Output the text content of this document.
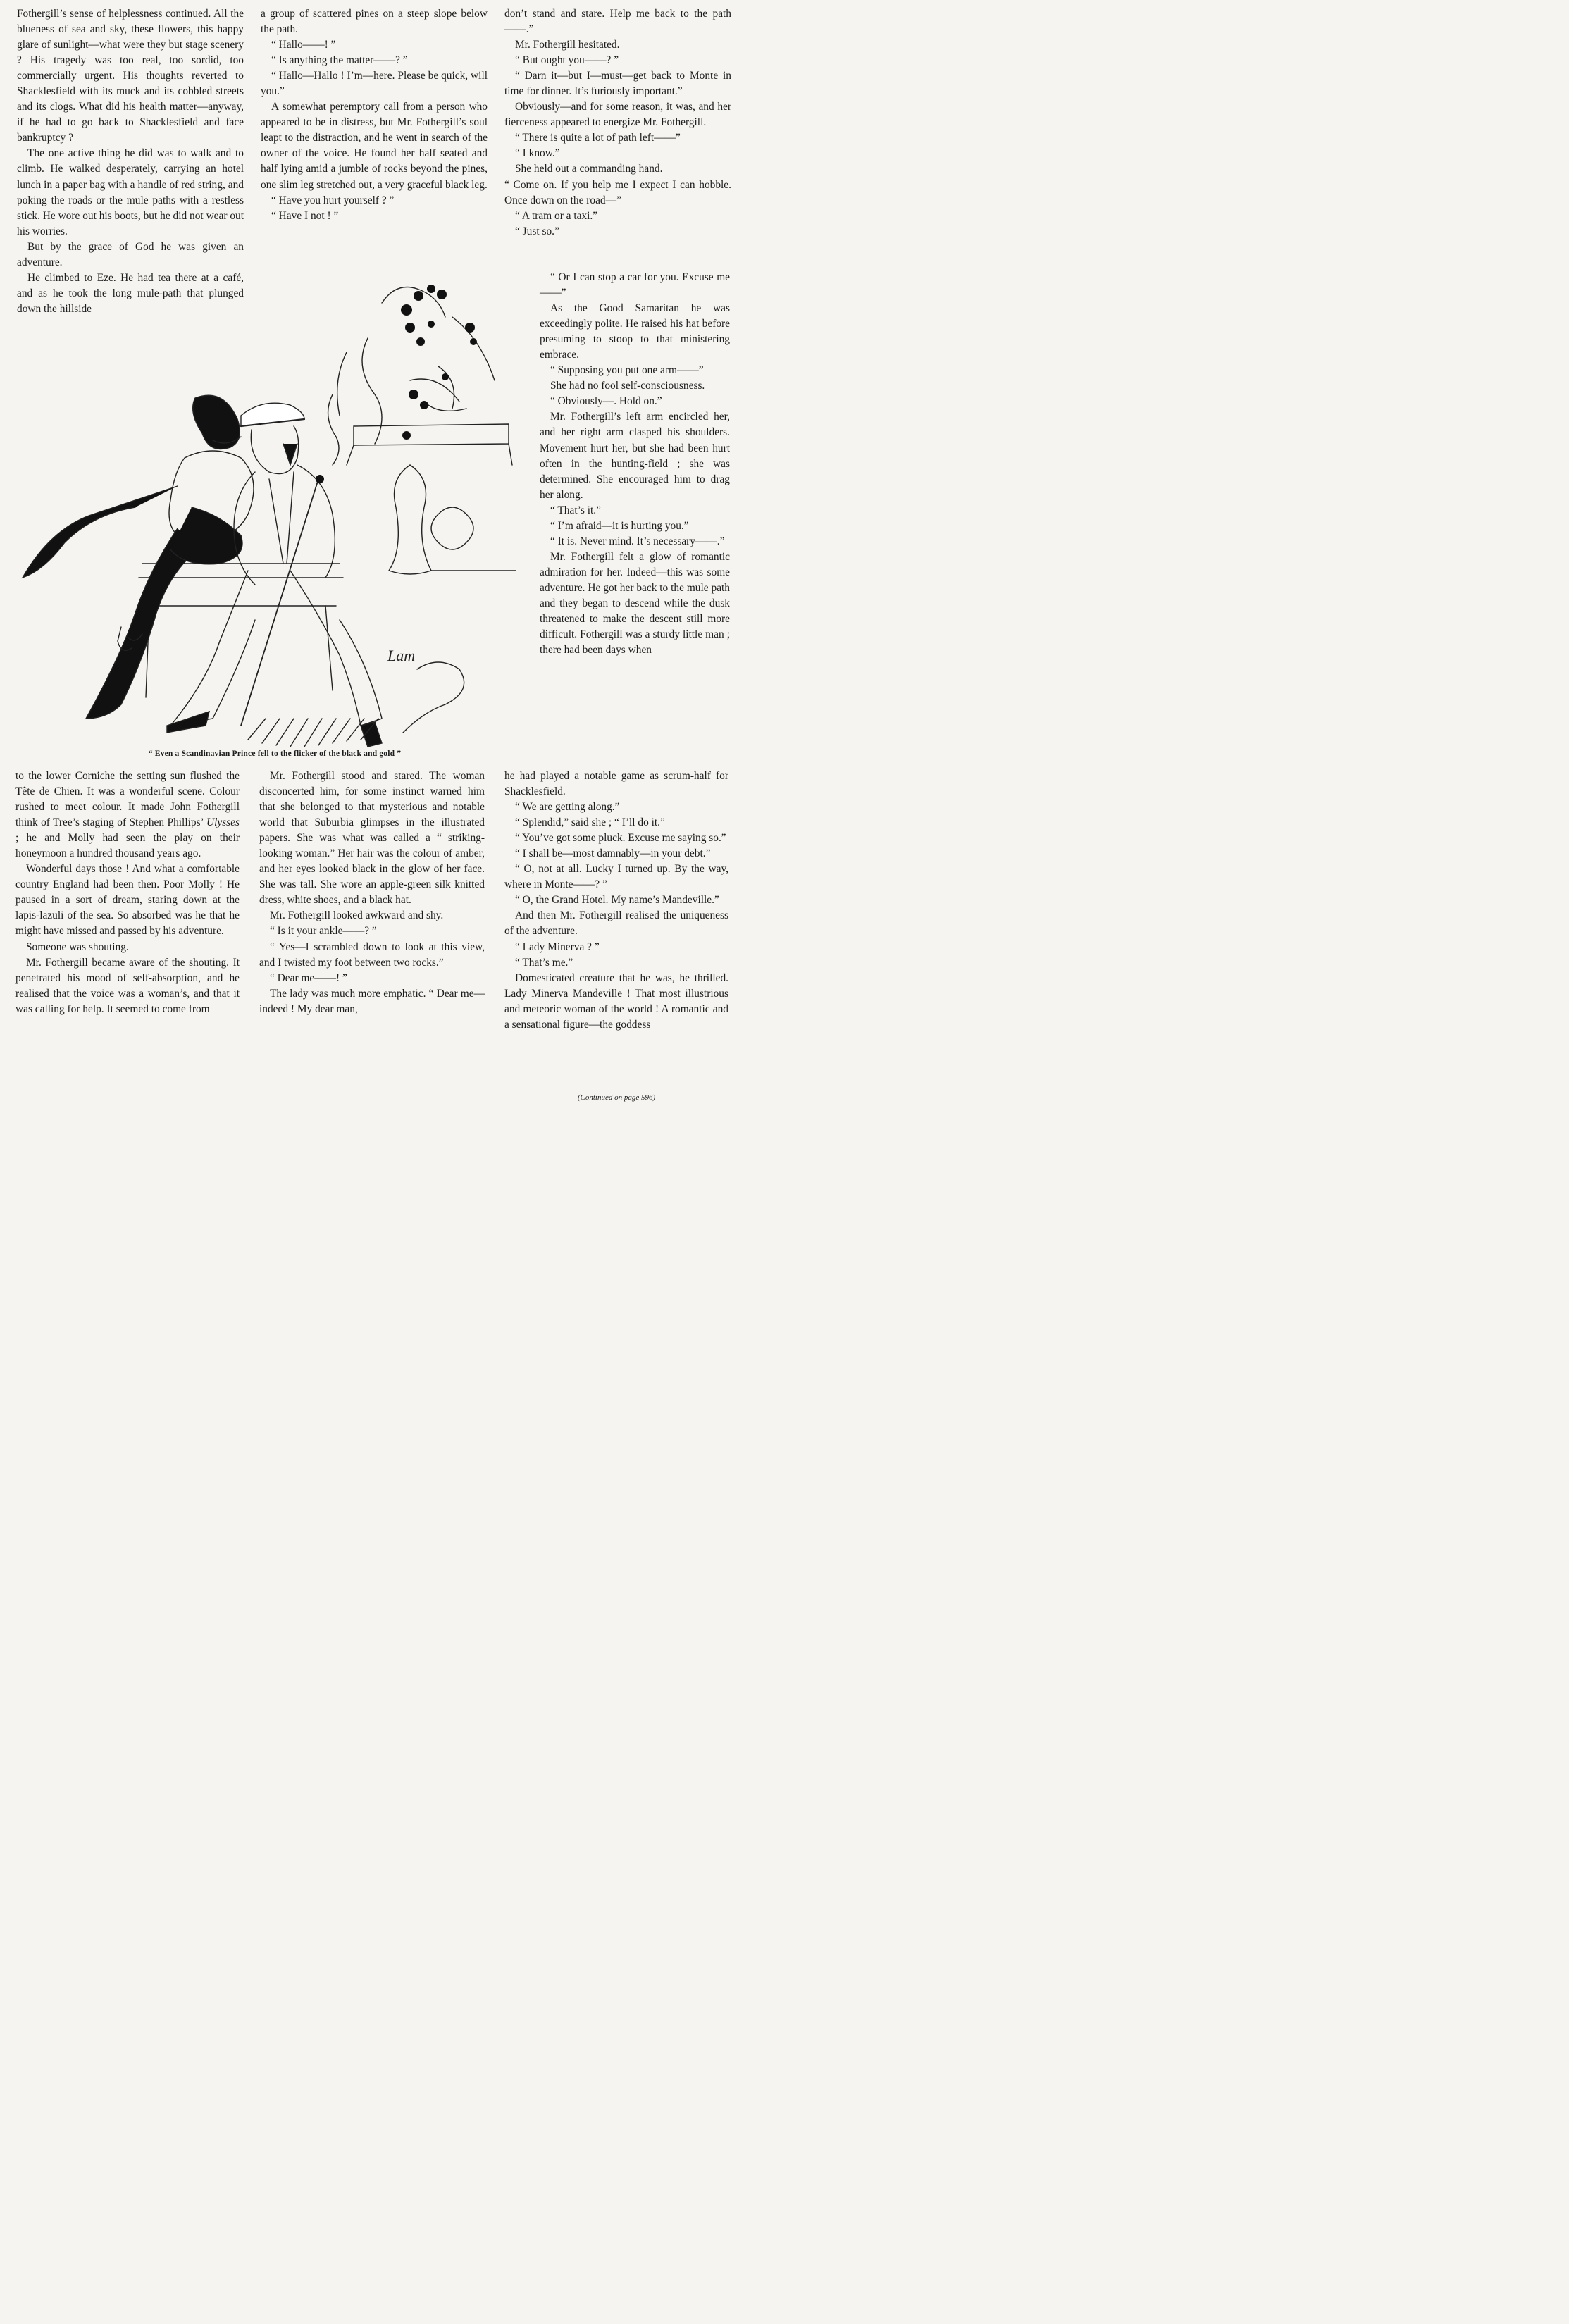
Fothergill’s sense of helplessness continued. All the blueness of sea and sky, these flowers, this happy glare of sunlight—what were they but stage scenery ? His tragedy was too real, too sordid, too commercially urgent. His thoughts reverted to Shacklesfield with its muck and its cobbled streets and its clogs. What did his health matter—anyway, if he had to go back to Shacklesfield and face bankruptcy ?

The one active thing he did was to walk and to climb. He walked desperately, carrying an hotel lunch in a paper bag with a handle of red string, and poking the roads or the mule paths with a restless stick. He wore out his boots, but he did not wear out his worries.

But by the grace of God he was given an adventure.

He climbed to Eze. He had tea there at a café, and as he took the long mule-path that plunged down the hillside

a group of scattered pines on a steep slope below the path.

“ Hallo——! ”

“ Is anything the matter——? ”

“ Hallo—Hallo ! I’m—here. Please be quick, will you.”

A somewhat peremptory call from a person who appeared to be in distress, but Mr. Fothergill’s soul leapt to the distraction, and he went in search of the owner of the voice. He found her half seated and half lying amid a jumble of rocks beyond the pines, one slim leg stretched out, a very graceful black leg.

“ Have you hurt yourself ? ”

“ Have I not ! ”

don’t stand and stare. Help me back to the path——.”

Mr. Fothergill hesitated.

“ But ought you——? ”

“ Darn it—but I—must—get back to Monte in time for dinner. It’s furiously important.”

Obviously—and for some reason, it was, and her fierceness appeared to energize Mr. Fothergill.

“ There is quite a lot of path left——”

“ I know.”

She held out a commanding hand.

“ Come on. If you help me I expect I can hobble. Once down on the road—”

“ A tram or a taxi.”

“ Just so.”

“ Or I can stop a car for you. Excuse me——”

As the Good Samaritan he was exceedingly polite. He raised his hat before presuming to stoop to that ministering embrace.

“ Supposing you put one arm——”

She had no fool self-consciousness.

“ Obviously—. Hold on.”

Mr. Fothergill’s left arm encircled her, and her right arm clasped his shoulders. Movement hurt her, but she had been hurt often in the hunting-field ; she was determined. She encouraged him to drag her along.

“ That’s it.”

“ I’m afraid—it is hurting you.”

“ It is. Never mind. It’s necessary——.”

Mr. Fothergill felt a glow of romantic admiration for her. Indeed—this was some adventure. He got her back to the mule path and they began to descend while the dusk threatened to make the descent still more difficult. Fothergill was a sturdy little man ; there had been days when

Lam
“ Even a Scandinavian Prince fell to the flicker of the black and gold ”

to the lower Corniche the setting sun flushed the Tête de Chien. It was a wonderful scene. Colour rushed to meet colour. It made John Fothergill think of Tree’s staging of Stephen Phillips’ Ulysses ; he and Molly had seen the play on their honeymoon a hundred thousand years ago.

Wonderful days those ! And what a comfortable country England had been then. Poor Molly ! He paused in a sort of dream, staring down at the lapis-lazuli of the sea. So absorbed was he that he might have missed and passed by his adventure.

Someone was shouting.

Mr. Fothergill became aware of the shouting. It penetrated his mood of self-absorption, and he realised that the voice was a woman’s, and that it was calling for help. It seemed to come from

Mr. Fothergill stood and stared. The woman disconcerted him, for some instinct warned him that she belonged to that mysterious and notable world that Suburbia glimpses in the illustrated papers. She was what was called a “ striking-looking woman.” Her hair was the colour of amber, and her eyes looked black in the glow of her face. She was tall. She wore an apple-green silk knitted dress, white shoes, and a black hat.

Mr. Fothergill looked awkward and shy.

“ Is it your ankle——? ”

“ Yes—I scrambled down to look at this view, and I twisted my foot between two rocks.”

“ Dear me——! ”

The lady was much more emphatic. “ Dear me—indeed ! My dear man,

he had played a notable game as scrum-half for Shacklesfield.

“ We are getting along.”

“ Splendid,” said she ; “ I’ll do it.”

“ You’ve got some pluck. Excuse me saying so.”

“ I shall be—most damnably—in your debt.”

“ O, not at all. Lucky I turned up. By the way, where in Monte——? ”

“ O, the Grand Hotel. My name’s Mandeville.”

And then Mr. Fothergill realised the uniqueness of the adventure.

“ Lady Minerva ? ”

“ That’s me.”

Domesticated creature that he was, he thrilled. Lady Minerva Mandeville ! That most illustrious and meteoric woman of the world ! A romantic and a sensational figure—the goddess

(Continued on page 596)
